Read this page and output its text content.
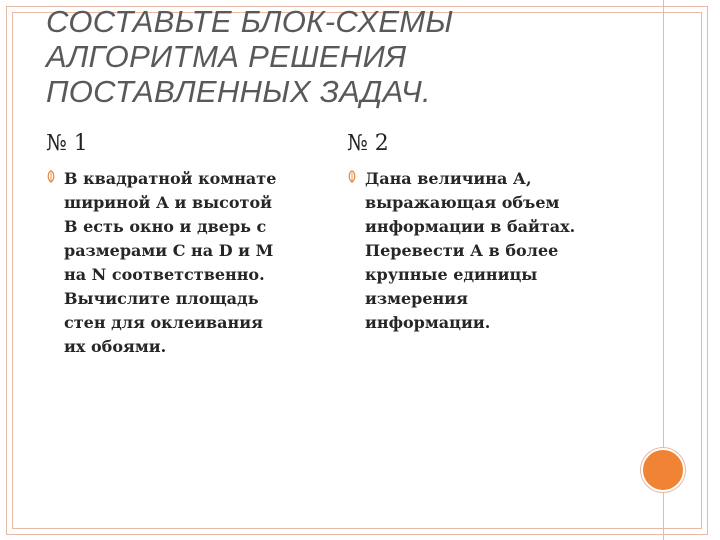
СОСТАВЬТЕ БЛОК-СХЕМЫ
АЛГОРИТМА РЕШЕНИЯ
ПОСТАВЛЕННЫХ ЗАДАЧ.
№ 1

В квадратной комнате
шириной А и высотой
В есть окно и дверь с
размерами С на D и М
на N соответственно.
Вычислите площадь
стен для оклеивания
их обоями.

№ 2

Дана величина А,
выражающая объем
информации в байтах.
Перевести А в более
крупные единицы
измерения
информации.
